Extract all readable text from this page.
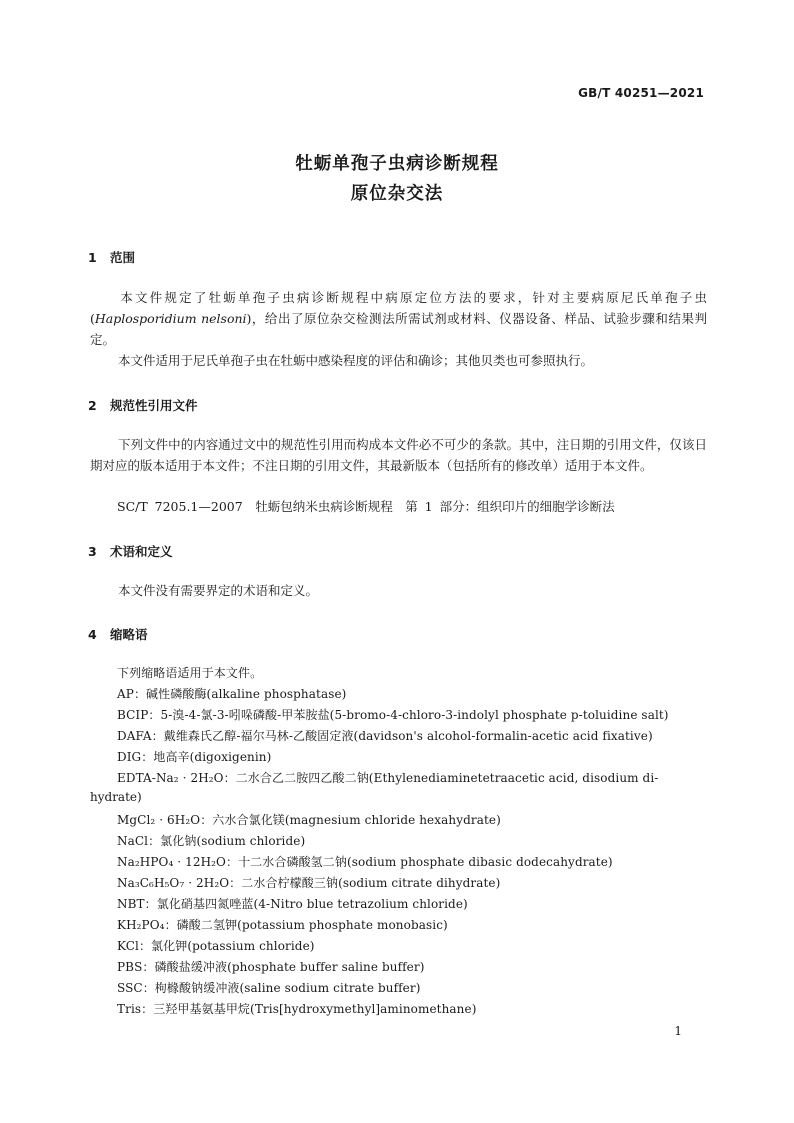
GB/T 40251—2021
牡蛎单孢子虫病诊断规程
原位杂交法
1 范围
本文件规定了牡蛎单孢子虫病诊断规程中病原定位方法的要求，针对主要病原尼氏单孢子虫(Haplosporidium nelsoni)，给出了原位杂交检测法所需试剂或材料、仪器设备、样品、试验步骤和结果判定。
本文件适用于尼氏单孢子虫在牡蛎中感染程度的评估和确诊；其他贝类也可参照执行。
2 规范性引用文件
下列文件中的内容通过文中的规范性引用而构成本文件必不可少的条款。其中，注日期的引用文件，仅该日期对应的版本适用于本文件；不注日期的引用文件，其最新版本（包括所有的修改单）适用于本文件。
SC/T 7205.1—2007　牡蛎包纳米虫病诊断规程　第 1 部分：组织印片的细胞学诊断法
3 术语和定义
本文件没有需要界定的术语和定义。
4 缩略语
下列缩略语适用于本文件。
AP：碱性磷酸酶(alkaline phosphatase)
BCIP：5-溴-4-氯-3-吲哚磷酸-甲苯胺盐(5-bromo-4-chloro-3-indolyl phosphate p-toluidine salt)
DAFA：戴维森氏乙醇-福尔马林-乙酸固定液(davidson's alcohol-formalin-acetic acid fixative)
DIG：地高辛(digoxigenin)
EDTA-Na₂ · 2H₂O：二水合乙二胺四乙酸二钠(Ethylenediaminetetraacetic acid, disodium di-
hydrate)
MgCl₂ · 6H₂O：六水合氯化镁(magnesium chloride hexahydrate)
NaCl：氯化钠(sodium chloride)
Na₂HPO₄ · 12H₂O：十二水合磷酸氢二钠(sodium phosphate dibasic dodecahydrate)
Na₃C₆H₅O₇ · 2H₂O：二水合柠檬酸三钠(sodium citrate dihydrate)
NBT：氯化硝基四氮唑蓝(4-Nitro blue tetrazolium chloride)
KH₂PO₄：磷酸二氢钾(potassium phosphate monobasic)
KCl：氯化钾(potassium chloride)
PBS：磷酸盐缓冲液(phosphate buffer saline buffer)
SSC：枸橼酸钠缓冲液(saline sodium citrate buffer)
Tris：三羟甲基氨基甲烷(Tris[hydroxymethyl]aminomethane)
1
